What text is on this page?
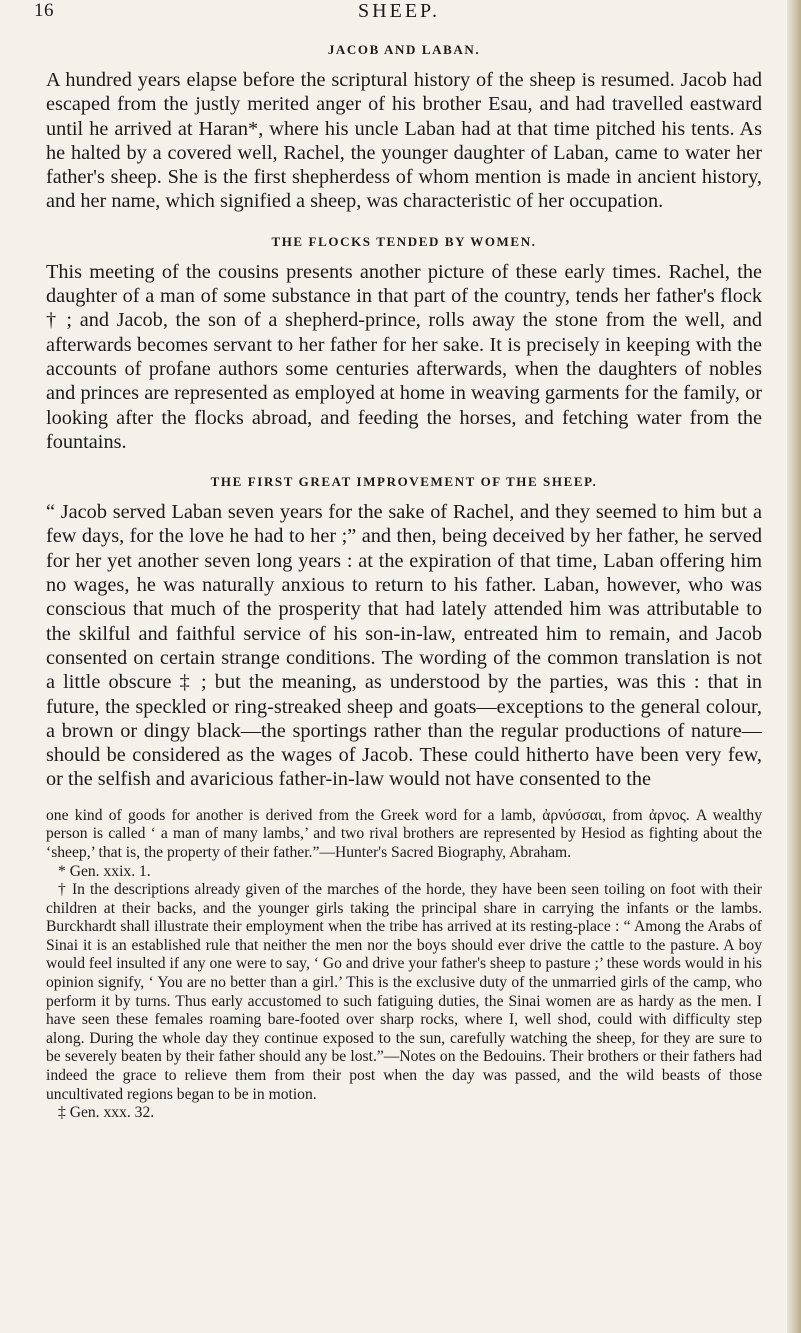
16	SHEEP.
JACOB AND LABAN.

A hundred years elapse before the scriptural history of the sheep is resumed. Jacob had escaped from the justly merited anger of his brother Esau, and had travelled eastward until he arrived at Haran*, where his uncle Laban had at that time pitched his tents. As he halted by a covered well, Rachel, the younger daughter of Laban, came to water her father's sheep. She is the first shepherdess of whom mention is made in ancient history, and her name, which signified a sheep, was characteristic of her occupation.

THE FLOCKS TENDED BY WOMEN.

This meeting of the cousins presents another picture of these early times. Rachel, the daughter of a man of some substance in that part of the country, tends her father's flock † ; and Jacob, the son of a shepherd-prince, rolls away the stone from the well, and afterwards becomes servant to her father for her sake. It is precisely in keeping with the accounts of profane authors some centuries afterwards, when the daughters of nobles and princes are represented as employed at home in weaving garments for the family, or looking after the flocks abroad, and feeding the horses, and fetching water from the fountains.

THE FIRST GREAT IMPROVEMENT OF THE SHEEP.

“ Jacob served Laban seven years for the sake of Rachel, and they seemed to him but a few days, for the love he had to her ;” and then, being deceived by her father, he served for her yet another seven long years : at the expiration of that time, Laban offering him no wages, he was naturally anxious to return to his father. Laban, however, who was conscious that much of the prosperity that had lately attended him was attributable to the skilful and faithful service of his son-in-law, entreated him to remain, and Jacob consented on certain strange conditions. The wording of the common translation is not a little obscure ‡ ; but the meaning, as understood by the parties, was this : that in future, the speckled or ring-streaked sheep and goats—exceptions to the general colour, a brown or dingy black—the sportings rather than the regular productions of nature—should be considered as the wages of Jacob. These could hitherto have been very few, or the selfish and avaricious father-in-law would not have consented to the

one kind of goods for another is derived from the Greek word for a lamb, ἀρνύσσαι, from ἀρνος. A wealthy person is called ‘ a man of many lambs,’ and two rival brothers are represented by Hesiod as fighting about the ‘sheep,’ that is, the property of their father.”—Hunter's Sacred Biography, Abraham.

* Gen. xxix. 1.

† In the descriptions already given of the marches of the horde, they have been seen toiling on foot with their children at their backs, and the younger girls taking the principal share in carrying the infants or the lambs. Burckhardt shall illustrate their employment when the tribe has arrived at its resting-place : “ Among the Arabs of Sinai it is an established rule that neither the men nor the boys should ever drive the cattle to the pasture. A boy would feel insulted if any one were to say, ‘ Go and drive your father's sheep to pasture ;’ these words would in his opinion signify, ‘ You are no better than a girl.’ This is the exclusive duty of the unmarried girls of the camp, who perform it by turns. Thus early accustomed to such fatiguing duties, the Sinai women are as hardy as the men. I have seen these females roaming bare-footed over sharp rocks, where I, well shod, could with difficulty step along. During the whole day they continue exposed to the sun, carefully watching the sheep, for they are sure to be severely beaten by their father should any be lost.”—Notes on the Bedouins. Their brothers or their fathers had indeed the grace to relieve them from their post when the day was passed, and the wild beasts of those uncultivated regions began to be in motion.

‡ Gen. xxx. 32.
